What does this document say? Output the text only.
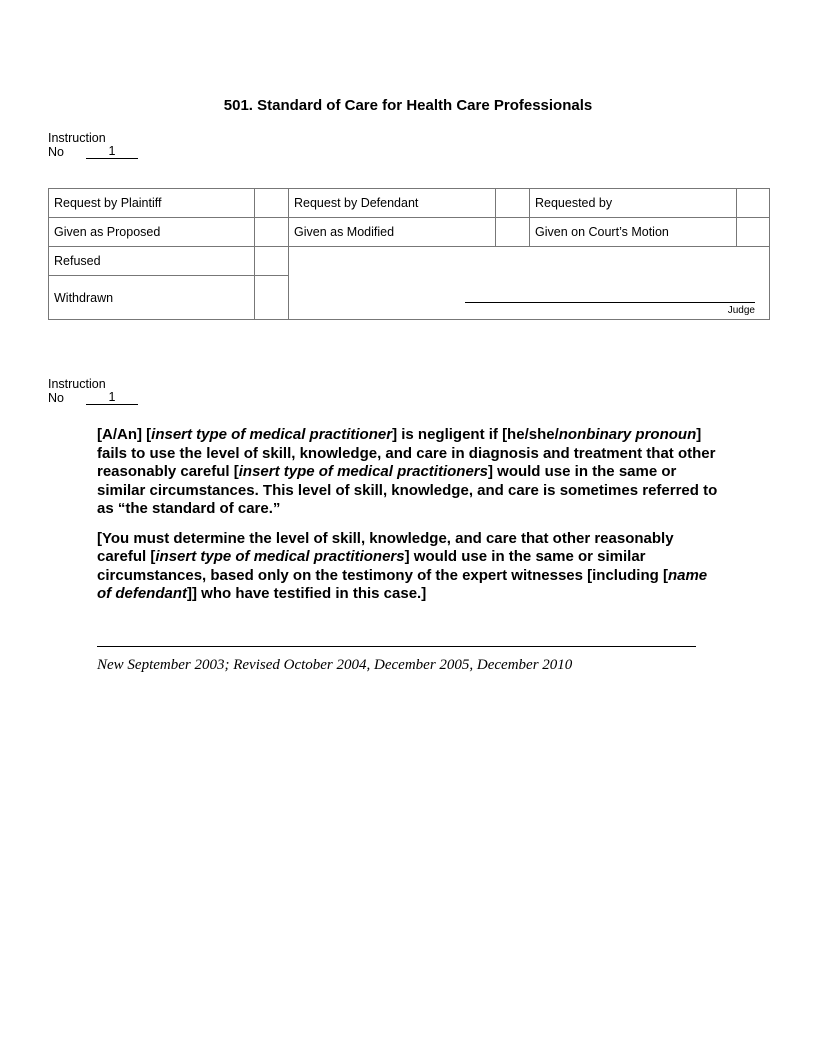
501. Standard of Care for Health Care Professionals
Instruction
No	1
Request by Plaintiff		Request by Defendant		Requested by	
Given as Proposed		Given as Modified		Given on Court’s Motion	
Refused		Judge			

Withdrawn					
Instruction
No	1

[A/An] [insert type of medical practitioner] is negligent if [he/she/nonbinary pronoun] fails to use the level of skill, knowledge, and care in diagnosis and treatment that other reasonably careful [insert type of medical practitioners] would use in the same or similar circumstances. This level of skill, knowledge, and care is sometimes referred to as “the standard of care.”

[You must determine the level of skill, knowledge, and care that other reasonably careful [insert type of medical practitioners] would use in the same or similar circumstances, based only on the testimony of the expert witnesses [including [name of defendant]] who have testified in this case.]

New September 2003; Revised October 2004, December 2005, December 2010
